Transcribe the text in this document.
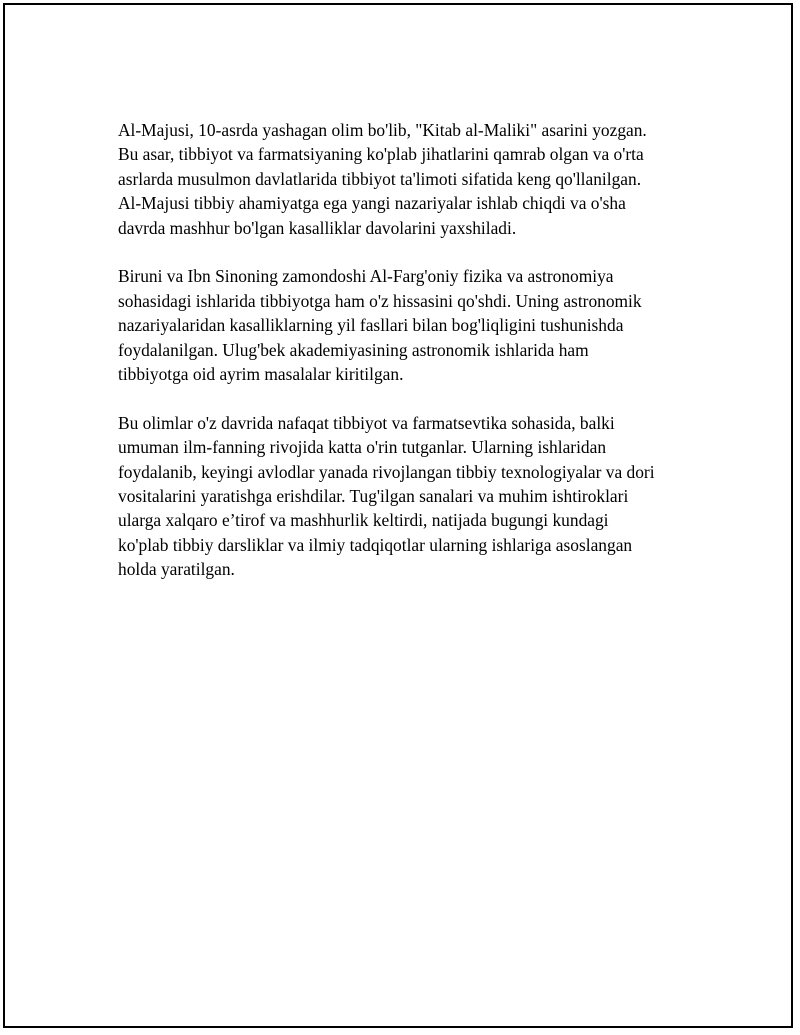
Al-Majusi, 10-asrda yashagan olim bo'lib, "Kitab al-Maliki" asarini yozgan.
Bu asar, tibbiyot va farmatsiyaning ko'plab jihatlarini qamrab olgan va o'rta
asrlarda musulmon davlatlarida tibbiyot ta'limoti sifatida keng qo'llanilgan.
Al-Majusi tibbiy ahamiyatga ega yangi nazariyalar ishlab chiqdi va o'sha
davrda mashhur bo'lgan kasalliklar davolarini yaxshiladi.

Biruni va Ibn Sinoning zamondoshi Al-Farg'oniy fizika va astronomiya
sohasidagi ishlarida tibbiyotga ham o'z hissasini qo'shdi. Uning astronomik
nazariyalaridan kasalliklarning yil fasllari bilan bog'liqligini tushunishda
foydalanilgan. Ulug'bek akademiyasining astronomik ishlarida ham
tibbiyotga oid ayrim masalalar kiritilgan.

Bu olimlar o'z davrida nafaqat tibbiyot va farmatsevtika sohasida, balki
umuman ilm-fanning rivojida katta o'rin tutganlar. Ularning ishlaridan
foydalanib, keyingi avlodlar yanada rivojlangan tibbiy texnologiyalar va dori
vositalarini yaratishga erishdilar. Tug'ilgan sanalari va muhim ishtiroklari
ularga xalqaro e’tirof va mashhurlik keltirdi, natijada bugungi kundagi
ko'plab tibbiy darsliklar va ilmiy tadqiqotlar ularning ishlariga asoslangan
holda yaratilgan.
